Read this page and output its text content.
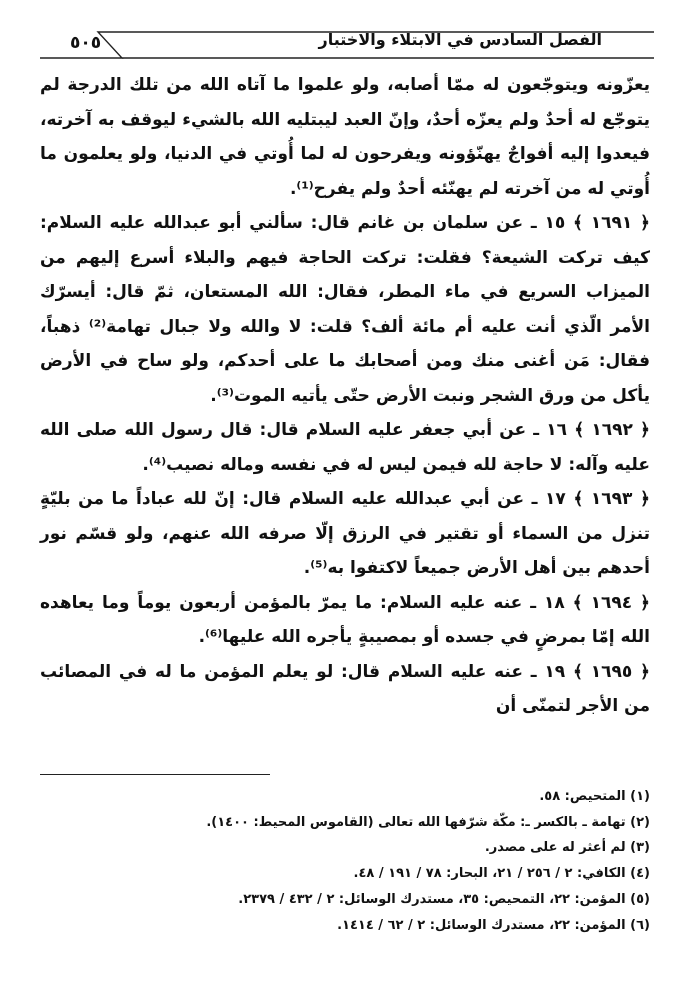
٥٠٥	الفصل السادس في الابتلاء والاختبار

يعزّونه ويتوجّعون له ممّا أصابه، ولو علموا ما آتاه الله من تلك الدرجة لم يتوجّع له أحدٌ ولم يعزّه أحدٌ، وإنّ العبد ليبتليه الله بالشيء ليوقف به آخرته، فيعدوا إليه أفواجٌ يهنّؤونه ويفرحون له لما أُوتي في الدنيا، ولو يعلمون ما أُوتي له من آخرته لم يهنّئه أحدٌ ولم يفرح⁽¹⁾.

﴿ ١٦٩١ ﴾ ١٥ ـ عن سلمان بن غانم قال: سألني أبو عبدالله عليه السلام: كيف تركت الشيعة؟ فقلت: تركت الحاجة فيهم والبلاء أسرع إليهم من الميزاب السريع في ماء المطر، فقال: الله المستعان، ثمّ قال: أيسرّك الأمر الّذي أنت عليه أم مائة ألف؟ قلت: لا والله ولا جبال تهامة⁽²⁾ ذهباً، فقال: مَن أغنى منك ومن أصحابك ما على أحدكم، ولو ساح في الأرض يأكل من ورق الشجر ونبت الأرض حتّى يأتيه الموت⁽³⁾.

﴿ ١٦٩٢ ﴾ ١٦ ـ عن أبي جعفر عليه السلام قال: قال رسول الله صلى الله عليه وآله: لا حاجة لله فيمن ليس له في نفسه وماله نصيب⁽⁴⁾.

﴿ ١٦٩٣ ﴾ ١٧ ـ عن أبي عبدالله عليه السلام قال: إنّ لله عباداً ما من بليّةٍ تنزل من السماء أو تقتير في الرزق إلّا صرفه الله عنهم، ولو قسّم نور أحدهم بين أهل الأرض جميعاً لاكتفوا به⁽⁵⁾.

﴿ ١٦٩٤ ﴾ ١٨ ـ عنه عليه السلام: ما يمرّ بالمؤمن أربعون يوماً وما يعاهده الله إمّا بمرضٍ في جسده أو بمصيبةٍ يأجره الله عليها⁽⁶⁾.

﴿ ١٦٩٥ ﴾ ١٩ ـ عنه عليه السلام قال: لو يعلم المؤمن ما له في المصائب من الأجر لتمنّى أن

(١) المتحيص: ٥٨.
(٢) تهامة ـ بالكسر ـ: مكّة شرّفها الله تعالى (القاموس المحيط: ١٤٠٠).
(٣) لم أعثر له على مصدر.
(٤) الكافي: ٢ / ٢٥٦ / ٢١، البحار: ٧٨ / ١٩١ / ٤٨.
(٥) المؤمن: ٢٢، التمحيص: ٣٥، مستدرك الوسائل: ٢ / ٤٣٢ / ٢٣٧٩.
(٦) المؤمن: ٢٢، مستدرك الوسائل: ٢ / ٦٢ / ١٤١٤.
